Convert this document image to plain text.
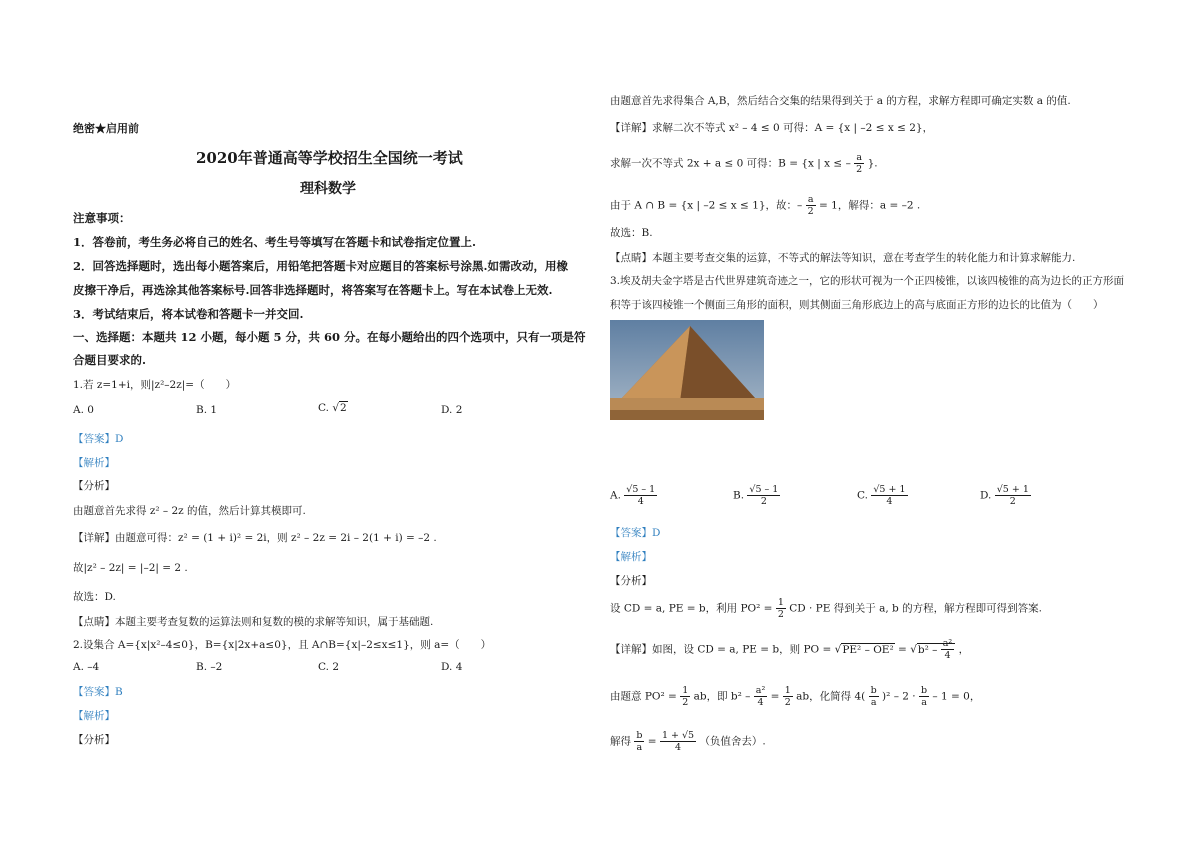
绝密★启用前
2020年普通高等学校招生全国统一考试
理科数学
注意事项：
1．答卷前，考生务必将自己的姓名、考生号等填写在答题卡和试卷指定位置上.
2．回答选择题时，选出每小题答案后，用铅笔把答题卡对应题目的答案标号涂黑.如需改动，用橡
皮擦干净后，再选涂其他答案标号.回答非选择题时，将答案写在答题卡上。写在本试卷上无效.
3．考试结束后，将本试卷和答题卡一并交回.
一、选择题：本题共 12 小题，每小题 5 分，共 60 分。在每小题给出的四个选项中，只有一项是符
合题目要求的.
1.若 z=1+i，则|z²–2z|=（　　）
A. 0	B. 1	C. √2	D. 2
【答案】D
【解析】
【分析】
由题意首先求得 z² – 2z 的值，然后计算其模即可.
【详解】由题意可得：z² = (1 + i)² = 2i，则 z² – 2z = 2i – 2(1 + i) = –2 .
故|z² – 2z| = |–2| = 2 .
故选：D.
【点睛】本题主要考查复数的运算法则和复数的模的求解等知识，属于基础题.
2.设集合 A={x|x²–4≤0}，B={x|2x+a≤0}，且 A∩B={x|–2≤x≤1}，则 a=（　　）
A. –4	B. –2	C. 2	D. 4
【答案】B
【解析】
【分析】
由题意首先求得集合 A,B，然后结合交集的结果得到关于 a 的方程，求解方程即可确定实数 a 的值.
【详解】求解二次不等式 x² – 4 ≤ 0 可得：A = {x | –2 ≤ x ≤ 2}，
求解一次不等式 2x + a ≤ 0 可得：B = {x | x ≤ – $\frac{a}{2}$ }.
由于 A ∩ B = {x | –2 ≤ x ≤ 1}，故：– $\frac{a}{2} = 1$，解得：a = –2 .
故选：B.
【点睛】本题主要考查交集的运算，不等式的解法等知识，意在考查学生的转化能力和计算求解能力.
3.埃及胡夫金字塔是古代世界建筑奇迹之一，它的形状可视为一个正四棱锥，以该四棱锥的高为边长的正方形面
积等于该四棱锥一个侧面三角形的面积，则其侧面三角形底边上的高与底面正方形的边长的比值为（　　）
A. $\frac{√5 - 1}{4}$	B. $\frac{√5 - 1}{2}$	C. $\frac{√5 + 1}{4}$	D. $\frac{√5 + 1}{2}$
【答案】D
【解析】
【分析】
设 CD = a, PE = b，利用 $PO^2 = \frac{1}{2}$ CD · PE 得到关于 a, b 的方程，解方程即可得到答案.
【详解】如图，设 CD = a, PE = b，则 PO = $√PE^2 - OE^2 = √b^2 - \frac{\text{a²}}{4}$ ，
由题意 $PO^2 = \frac{1}{2}$ ab，即 $b^2 - \frac{\text{a²}}{4} = \frac{1}{2}$ ab，化简得 $4( \frac{b}{a} )^2 - 2 \cdot \frac{b}{a} - 1 = 0$，
解得 $\frac{b}{a} = \frac{1 + √5}{4}$ （负值舍去）.
